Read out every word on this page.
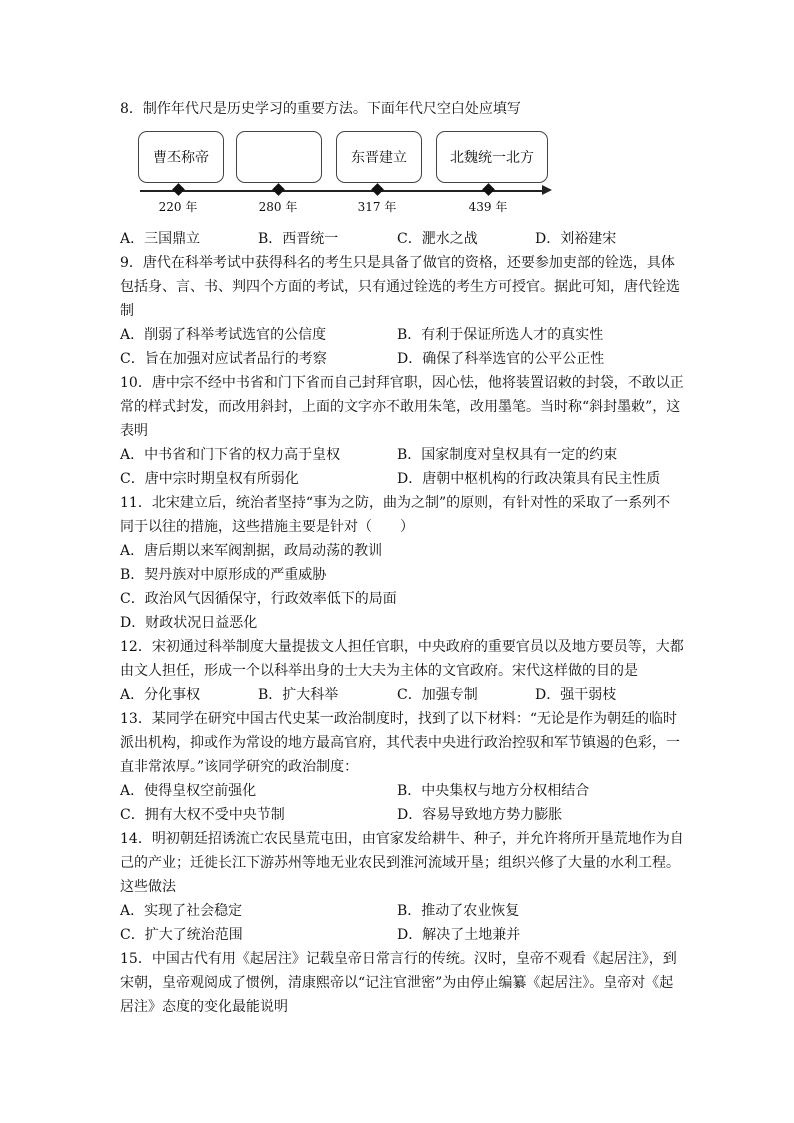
8．制作年代尺是历史学习的重要方法。下面年代尺空白处应填写
曹丕称帝	东晋建立	北魏统一北方
220 年	280 年	317 年	439 年
A．三国鼎立	B．西晋统一	C．淝水之战	D．刘裕建宋
9．唐代在科举考试中获得科名的考生只是具备了做官的资格，还要参加吏部的铨选，具体
包括身、言、书、判四个方面的考试，只有通过铨选的考生方可授官。据此可知，唐代铨选
制
A．削弱了科举考试选官的公信度	B．有利于保证所选人才的真实性
C．旨在加强对应试者品行的考察	D．确保了科举选官的公平公正性
10．唐中宗不经中书省和门下省而自己封拜官职，因心怯，他将装置诏敕的封袋，不敢以正
常的样式封发，而改用斜封，上面的文字亦不敢用朱笔，改用墨笔。当时称“斜封墨敕”，这
表明
A．中书省和门下省的权力高于皇权	B．国家制度对皇权具有一定的约束
C．唐中宗时期皇权有所弱化	D．唐朝中枢机构的行政决策具有民主性质
11．北宋建立后，统治者坚持“事为之防，曲为之制”的原则，有针对性的采取了一系列不
同于以往的措施，这些措施主要是针对（　　）
A．唐后期以来军阀割据，政局动荡的教训
B．契丹族对中原形成的严重威胁
C．政治风气因循保守，行政效率低下的局面
D．财政状况日益恶化
12．宋初通过科举制度大量提拔文人担任官职，中央政府的重要官员以及地方要员等，大都
由文人担任，形成一个以科举出身的士大夫为主体的文官政府。宋代这样做的目的是
A．分化事权	B．扩大科举	C．加强专制	D．强干弱枝
13．某同学在研究中国古代史某一政治制度时，找到了以下材料：“无论是作为朝廷的临时
派出机构，抑或作为常设的地方最高官府，其代表中央进行政治控驭和军节镇遏的色彩，一
直非常浓厚。”该同学研究的政治制度：
A．使得皇权空前强化	B．中央集权与地方分权相结合
C．拥有大权不受中央节制	D．容易导致地方势力膨胀
14．明初朝廷招诱流亡农民垦荒屯田，由官家发给耕牛、种子，并允许将所开垦荒地作为自
己的产业；迁徙长江下游苏州等地无业农民到淮河流域开垦；组织兴修了大量的水利工程。
这些做法
A．实现了社会稳定	B．推动了农业恢复
C．扩大了统治范围	D．解决了土地兼并
15．中国古代有用《起居注》记载皇帝日常言行的传统。汉时，皇帝不观看《起居注》，到
宋朝，皇帝观阅成了惯例，清康熙帝以“记注官泄密”为由停止编纂《起居注》。皇帝对《起
居注》态度的变化最能说明
